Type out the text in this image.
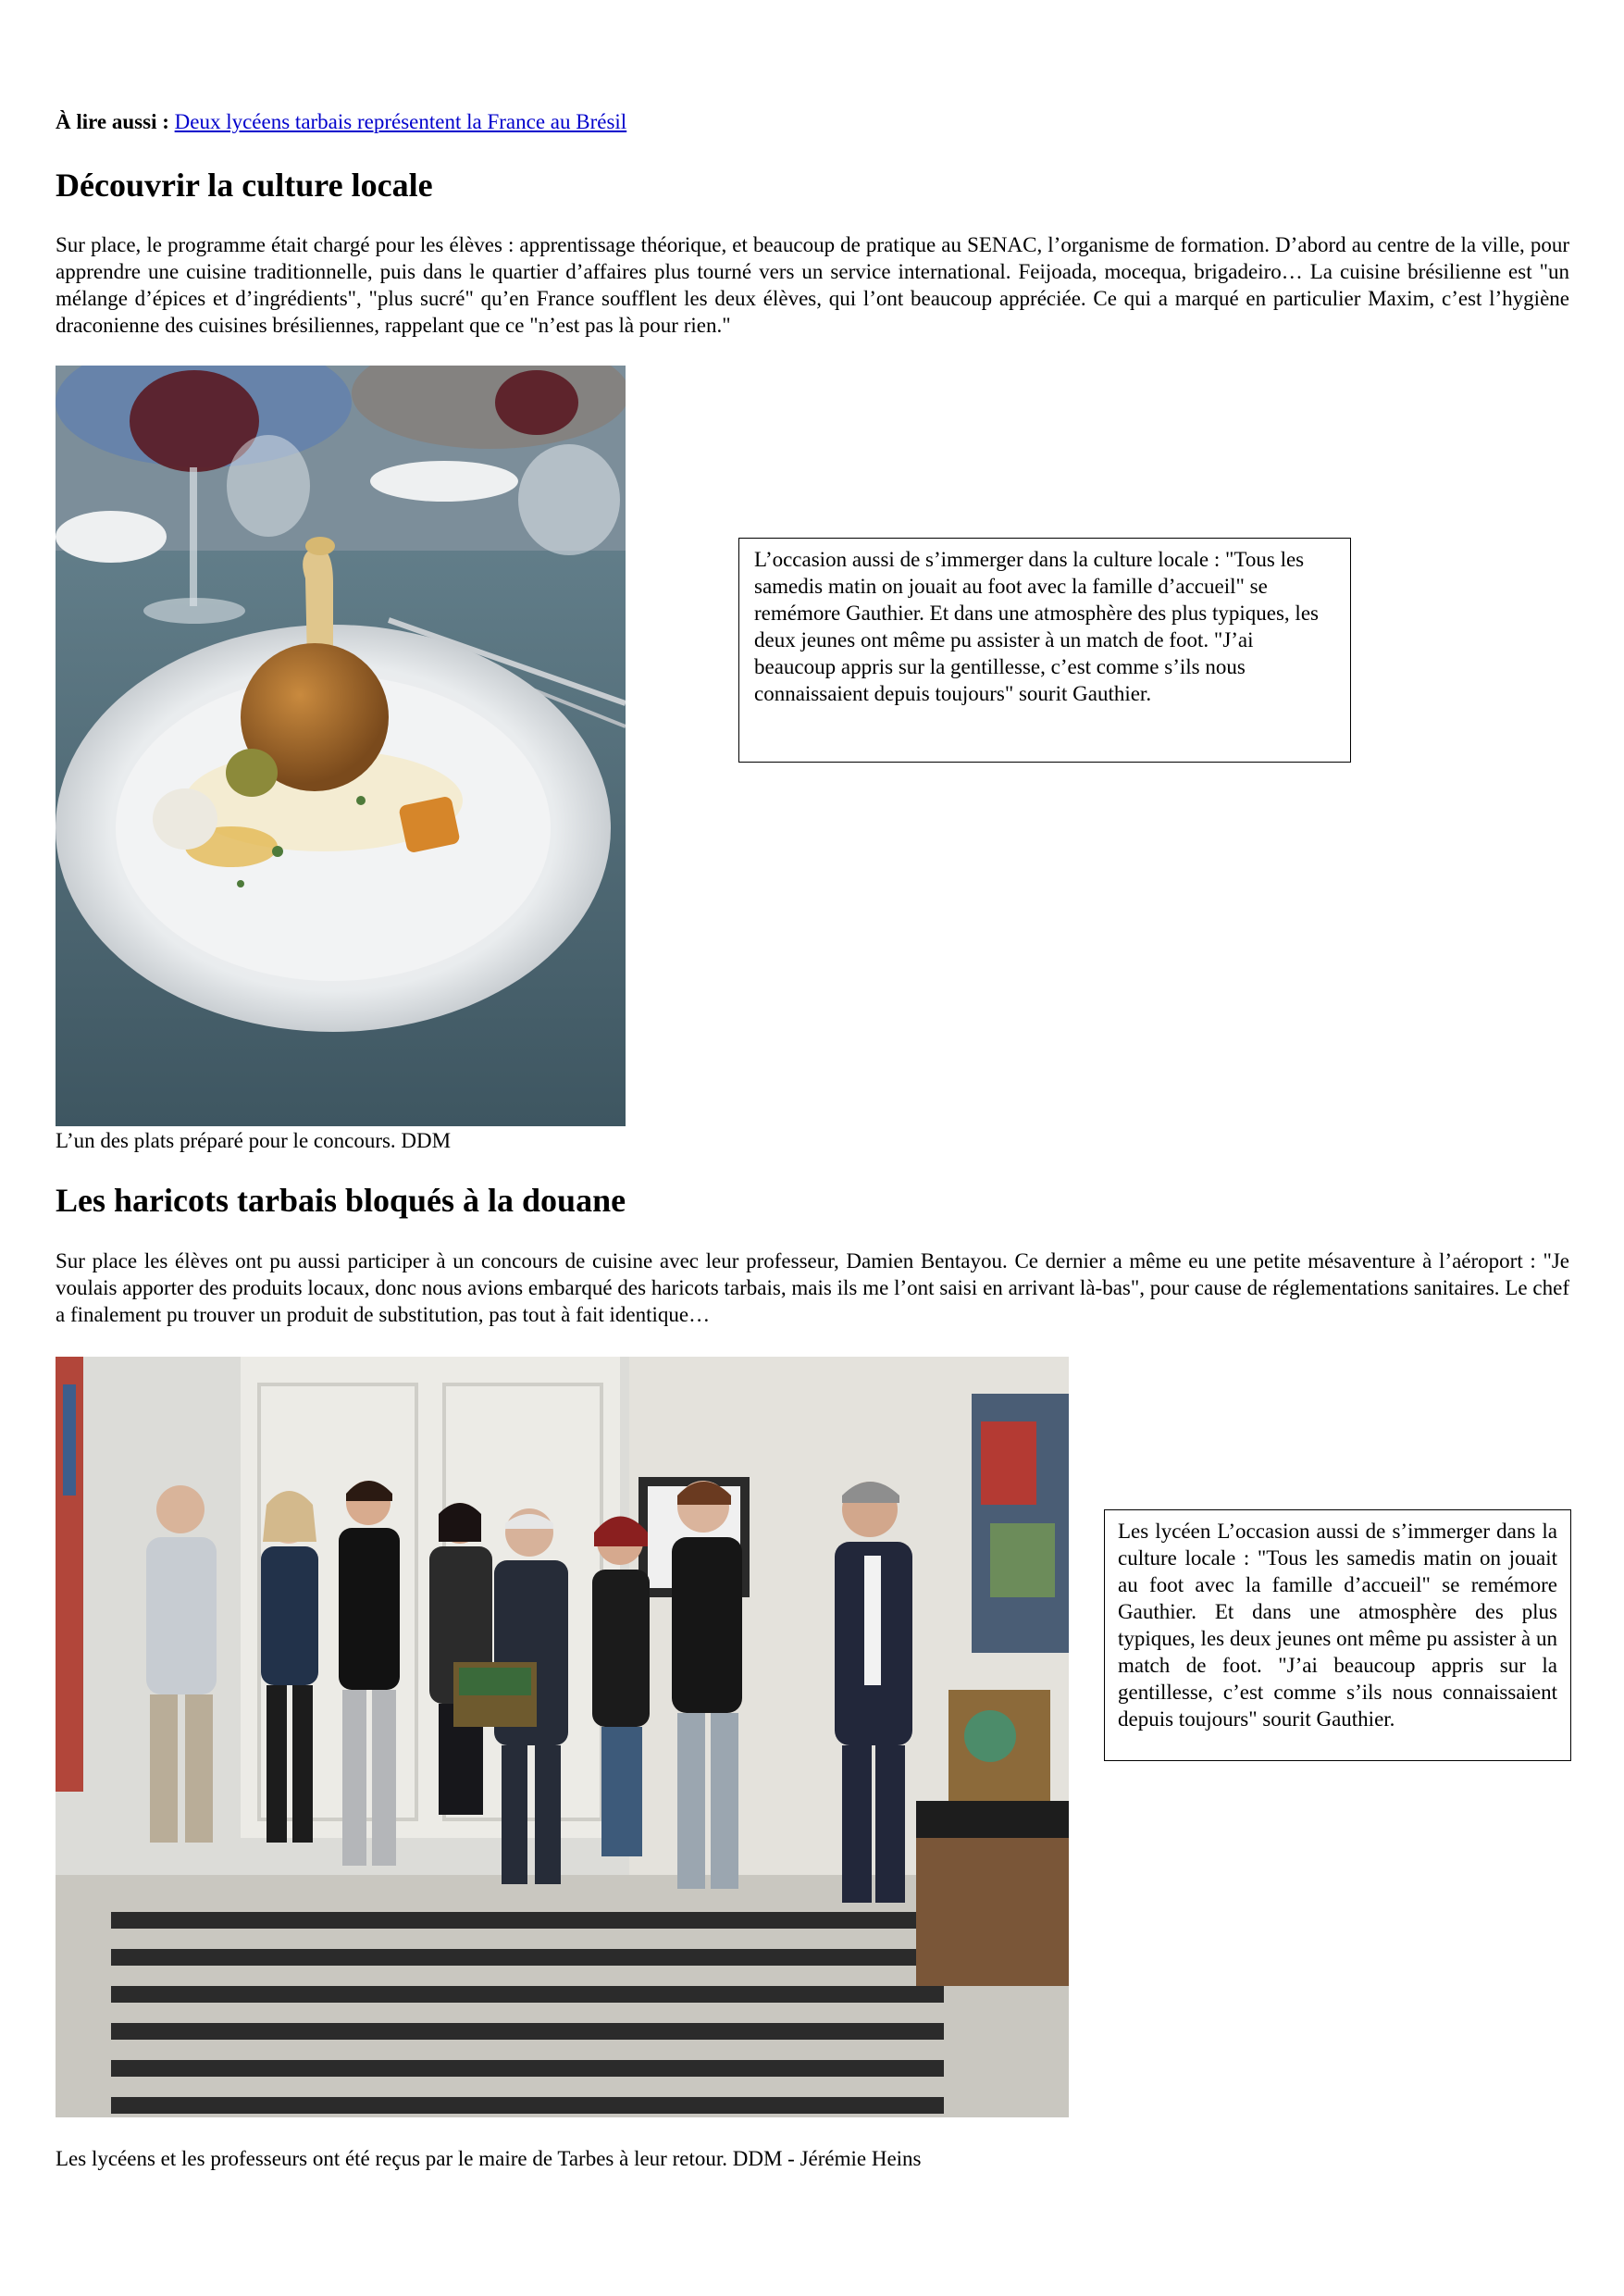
À lire aussi : Deux lycéens tarbais représentent la France au Brésil
Découvrir la culture locale

Sur place, le programme était chargé pour les élèves : apprentissage théorique, et beaucoup de pratique au SENAC, l’organisme de formation. D’abord au centre de la ville, pour apprendre une cuisine traditionnelle, puis dans le quartier d’affaires plus tourné vers un service international. Feijoada, mocequa, brigadeiro… La cuisine brésilienne est "un mélange d’épices et d’ingrédients", "plus sucré" qu’en France soufflent les deux élèves, qui l’ont beaucoup appréciée. Ce qui a marqué en particulier Maxim, c’est l’hygiène draconienne des cuisines brésiliennes, rappelant que ce "n’est pas là pour rien."

L’un des plats préparé pour le concours. DDM
L’occasion aussi de s’immerger dans la culture locale : "Tous les samedis matin on jouait au foot avec la famille d’accueil" se remémore Gauthier. Et dans une atmosphère des plus typiques, les deux jeunes ont même pu assister à un match de foot. "J’ai beaucoup appris sur la gentillesse, c’est comme s’ils nous connaissaient depuis toujours" sourit Gauthier.
Les haricots tarbais bloqués à la douane

Sur place les élèves ont pu aussi participer à un concours de cuisine avec leur professeur, Damien Bentayou. Ce dernier a même eu une petite mésaventure à l’aéroport : "Je voulais apporter des produits locaux, donc nous avions embarqué des haricots tarbais, mais ils me l’ont saisi en arrivant là-bas", pour cause de réglementations sanitaires. Le chef a finalement pu trouver un produit de substitution, pas tout à fait identique…

Les lycéens et les professeurs ont été reçus par le maire de Tarbes à leur retour. DDM - Jérémie Heins
Les lycéen L’occasion aussi de s’immerger dans la culture locale : "Tous les samedis matin on jouait au foot avec la famille d’accueil" se remémore Gauthier. Et dans une atmosphère des plus typiques, les deux jeunes ont même pu assister à un match de foot. "J’ai beaucoup appris sur la gentillesse, c’est comme s’ils nous connaissaient depuis toujours" sourit Gauthier.
